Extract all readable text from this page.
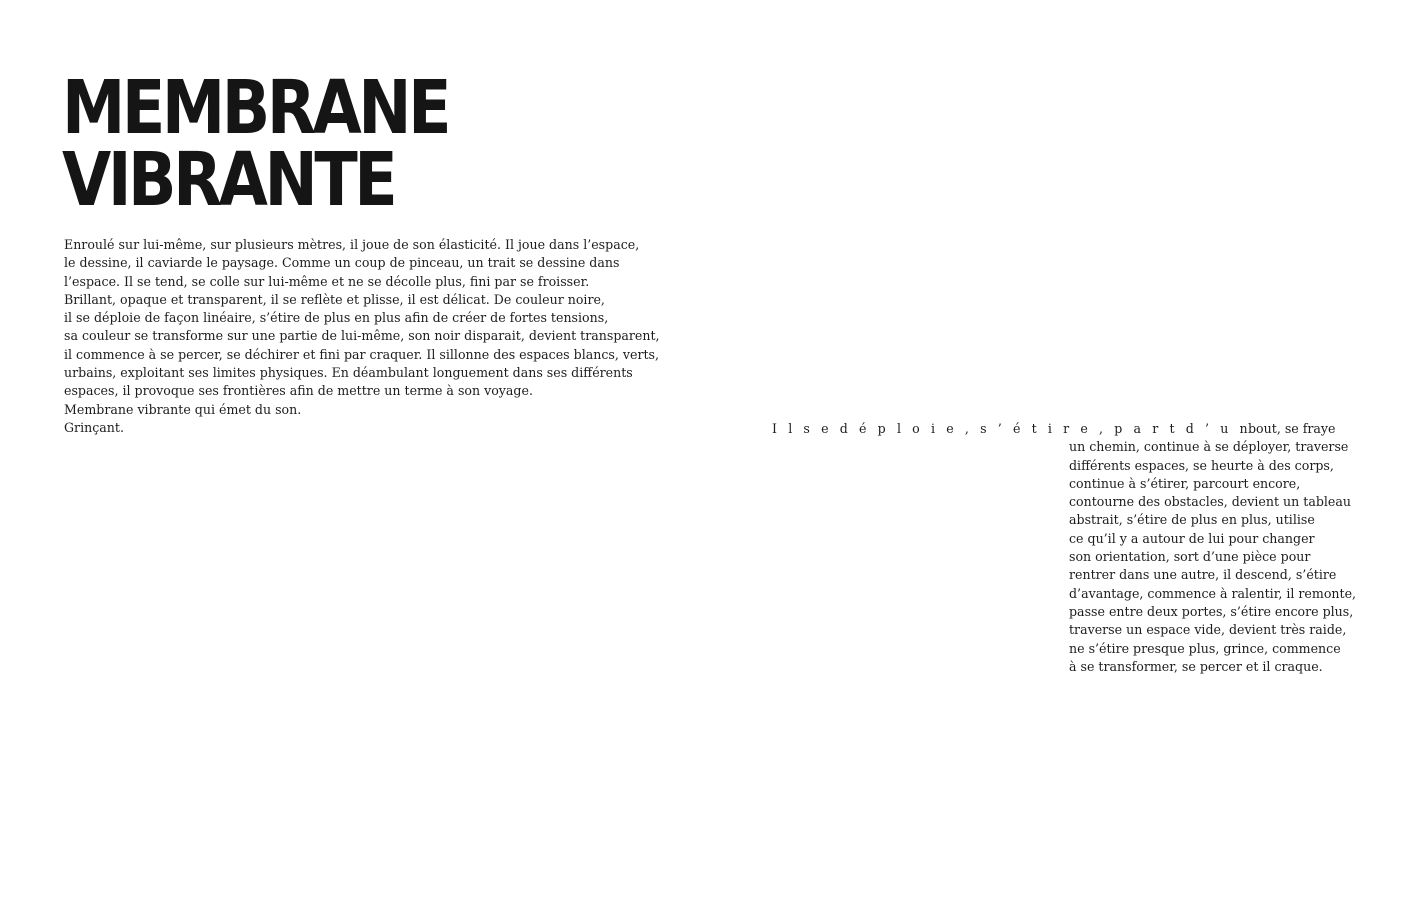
MEMBRANE
VIBRANTE
Enroulé sur lui-même, sur plusieurs mètres, il joue de son élasticité. Il joue dans l’espace,
le dessine, il caviarde le paysage. Comme un coup de pinceau, un trait se dessine dans
l’espace. Il se tend, se colle sur lui-même et ne se décolle plus, fini par se froisser.
Brillant, opaque et transparent, il se reflète et plisse, il est délicat. De couleur noire,
il se déploie de façon linéaire, s’étire de plus en plus afin de créer de fortes tensions,
sa couleur se transforme sur une partie de lui-même, son noir disparait, devient transparent,
il commence à se percer, se déchirer et fini par craquer. Il sillonne des espaces blancs, verts,
urbains, exploitant ses limites physiques. En déambulant longuement dans ses différents
espaces, il provoque ses frontières afin de mettre un terme à son voyage.
Membrane vibrante qui émet du son.
Grinçant.	I l s e d é p l o i e , s ’ é t i r e , p a r t d ’ u n bout, se fraye
un chemin, continue à se déployer, traverse
différents espaces, se heurte à des corps,
continue à s’étirer, parcourt encore,
contourne des obstacles, devient un tableau
abstrait, s’étire de plus en plus, utilise
ce qu’il y a autour de lui pour changer
son orientation, sort d’une pièce pour
rentrer dans une autre, il descend, s’étire
d’avantage, commence à ralentir, il remonte,
passe entre deux portes, s’étire encore plus,
traverse un espace vide, devient très raide,
ne s’étire presque plus, grince, commence
à se transformer, se percer et il craque.
